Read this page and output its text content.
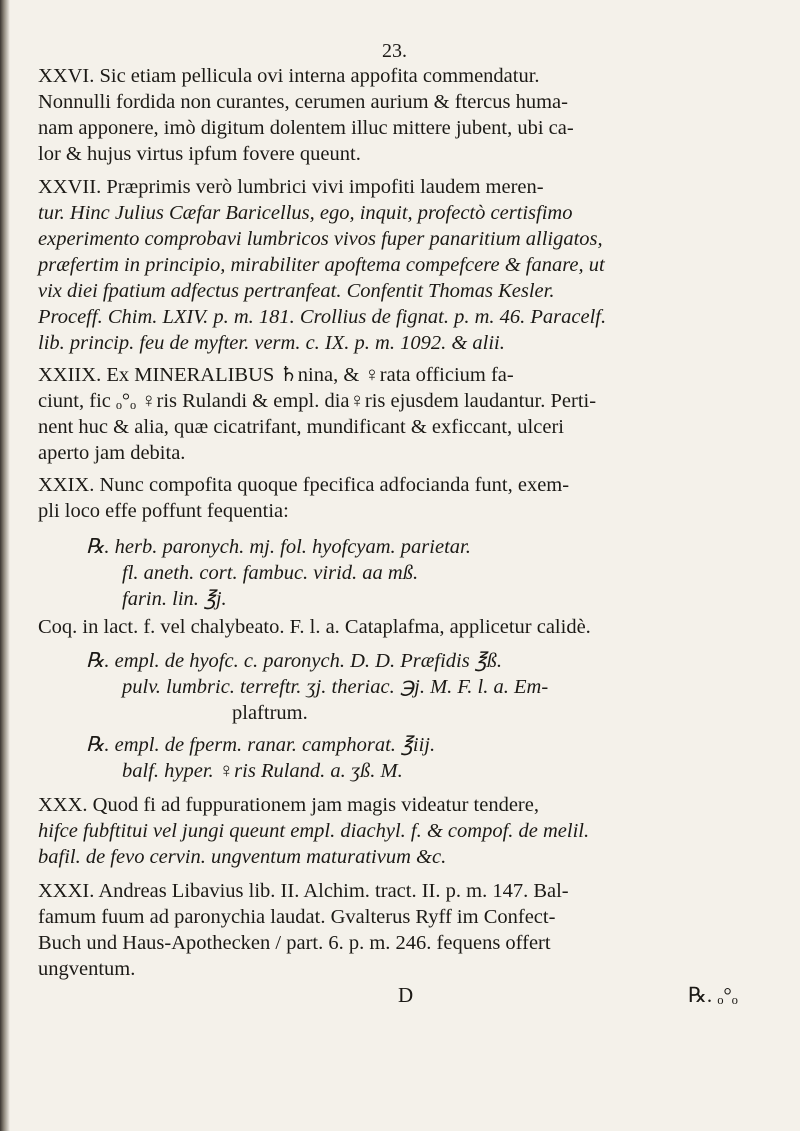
23.
XXVI. Sic etiam pellicula ovi interna appofita commendatur.
Nonnulli fordida non curantes, cerumen aurium & ftercus huma-
nam apponere, imò digitum dolentem illuc mittere jubent, ubi ca-
lor & hujus virtus ipfum fovere queunt.
XXVII. Præprimis verò lumbrici vivi impofiti laudem meren-
tur. Hinc Julius Cæfar Baricellus, ego, inquit, profectò certisfimo
experimento comprobavi lumbricos vivos fuper panaritium alligatos,
præfertim in principio, mirabiliter apoftema compefcere & fanare, ut
vix diei fpatium adfectus pertranfeat. Confentit Thomas Kesler.
Proceff. Chim. LXIV. p. m. 181. Crollius de fignat. p. m. 46. Paracelf.
lib. princip. feu de myfter. verm. c. IX. p. m. 1092. & alii.
XXIIX. Ex MINERALIBUS ♄nina, & ♀rata officium fa-
ciunt, fic ₒ°ₒ ♀ris Rulandi & empl. dia♀ris ejusdem laudantur. Perti-
nent huc & alia, quæ cicatrifant, mundificant & exficcant, ulceri
aperto jam debita.
XXIX. Nunc compofita quoque fpecifica adfocianda funt, exem-
pli loco effe poffunt fequentia:
℞. herb. paronych. mj. fol. hyofcyam. parietar.
fl. aneth. cort. fambuc. virid. aa mß.
farin. lin. ℥j.
Coq. in lact. f. vel chalybeato. F. l. a. Cataplafma, applicetur calidè.
℞. empl. de hyofc. c. paronych. D. D. Præfidis ℥ß.
pulv. lumbric. terreftr. ʒj. theriac. ℈j. M. F. l. a. Em-
plaftrum.
℞. empl. de fperm. ranar. camphorat. ℥iij.
balf. hyper. ♀ris Ruland. a. ʒß. M.
XXX. Quod fi ad fuppurationem jam magis videatur tendere,
hifce fubftitui vel jungi queunt empl. diachyl. f. & compof. de melil.
bafil. de fevo cervin. ungventum maturativum &c.
XXXI. Andreas Libavius lib. II. Alchim. tract. II. p. m. 147. Bal-
famum fuum ad paronychia laudat. Gvalterus Ryff im Confect-
Buch und Haus-Apothecken / part. 6. p. m. 246. fequens offert
ungventum.
D	℞. ₒ°ₒ
